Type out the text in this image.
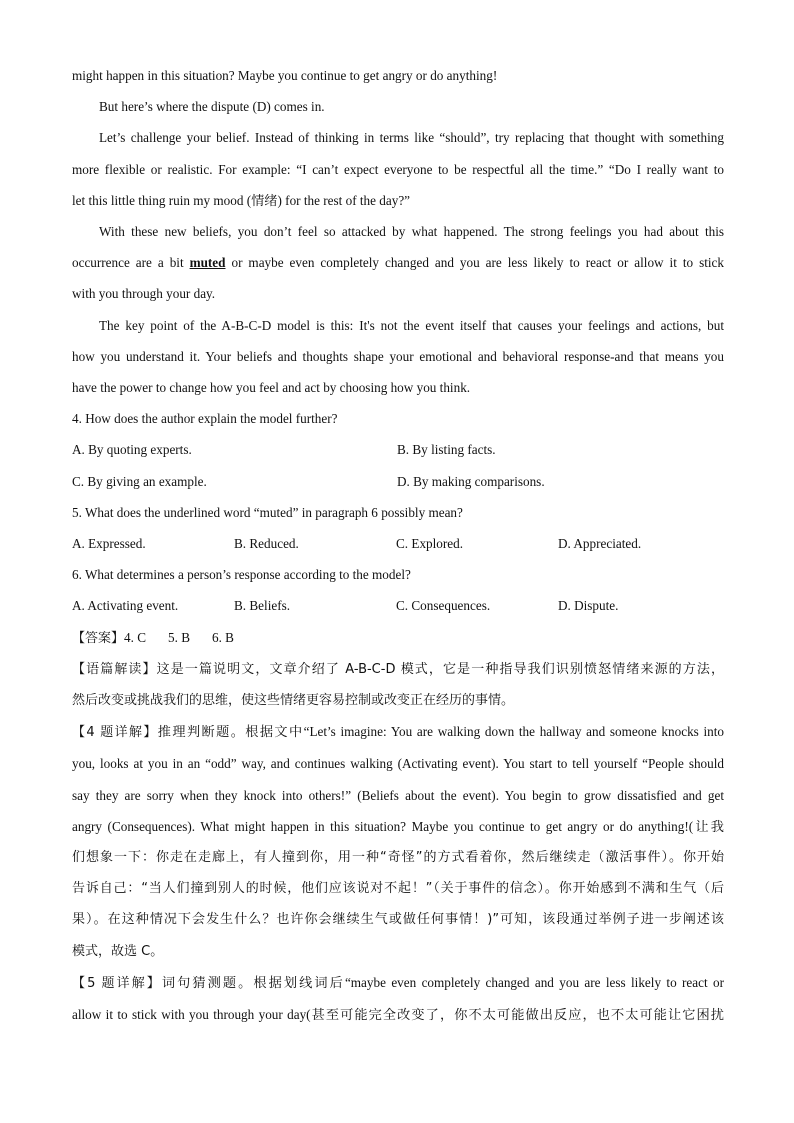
might happen in this situation? Maybe you continue to get angry or do anything!
But here’s where the dispute (D) comes in.
Let’s challenge your belief. Instead of thinking in terms like “should”, try replacing that thought with something
more flexible or realistic. For example: “I can’t expect everyone to be respectful all the time.” “Do I really want to
let this little thing ruin my mood (情绪) for the rest of the day?”
With these new beliefs, you don’t feel so attacked by what happened. The strong feelings you had about this
occurrence are a bit muted or maybe even completely changed and you are less likely to react or allow it to stick
with you through your day.
The key point of the A-B-C-D model is this: It's not the event itself that causes your feelings and actions, but
how you understand it. Your beliefs and thoughts shape your emotional and behavioral response-and that means you
have the power to change how you feel and act by choosing how you think.
4. How does the author explain the model further?
A. By quoting experts.	B. By listing facts.
C. By giving an example.	D. By making comparisons.
5. What does the underlined word “muted” in paragraph 6 possibly mean?
A. Expressed.	B. Reduced.	C. Explored.	D. Appreciated.
6. What determines a person’s response according to the model?
A. Activating event.	B. Beliefs.	C. Consequences.	D. Dispute.
【答案】4. C 5. B 6. B
【语篇解读】这是一篇说明文，文章介绍了 A-B-C-D 模式，它是一种指导我们识别愤怒情绪来源的方法，
然后改变或挑战我们的思维，使这些情绪更容易控制或改变正在经历的事情。
【4 题详解】推理判断题。根据文中“Let’s imagine: You are walking down the hallway and someone knocks into
you, looks at you in an “odd” way, and continues walking (Activating event). You start to tell yourself “People should
say they are sorry when they knock into others!” (Beliefs about the event). You begin to grow dissatisfied and get
angry (Consequences). What might happen in this situation? Maybe you continue to get angry or do anything!(让我
们想象一下：你走在走廊上，有人撞到你，用一种“奇怪”的方式看着你，然后继续走（激活事件）。你开始
告诉自己：“当人们撞到别人的时候，他们应该说对不起！”（关于事件的信念）。你开始感到不满和生气（后
果）。在这种情况下会发生什么？也许你会继续生气或做任何事情！)”可知，该段通过举例子进一步阐述该
模式，故选 C。
【5 题详解】词句猜测题。根据划线词后“maybe even completely changed and you are less likely to react or
allow it to stick with you through your day(甚至可能完全改变了，你不太可能做出反应，也不太可能让它困扰
